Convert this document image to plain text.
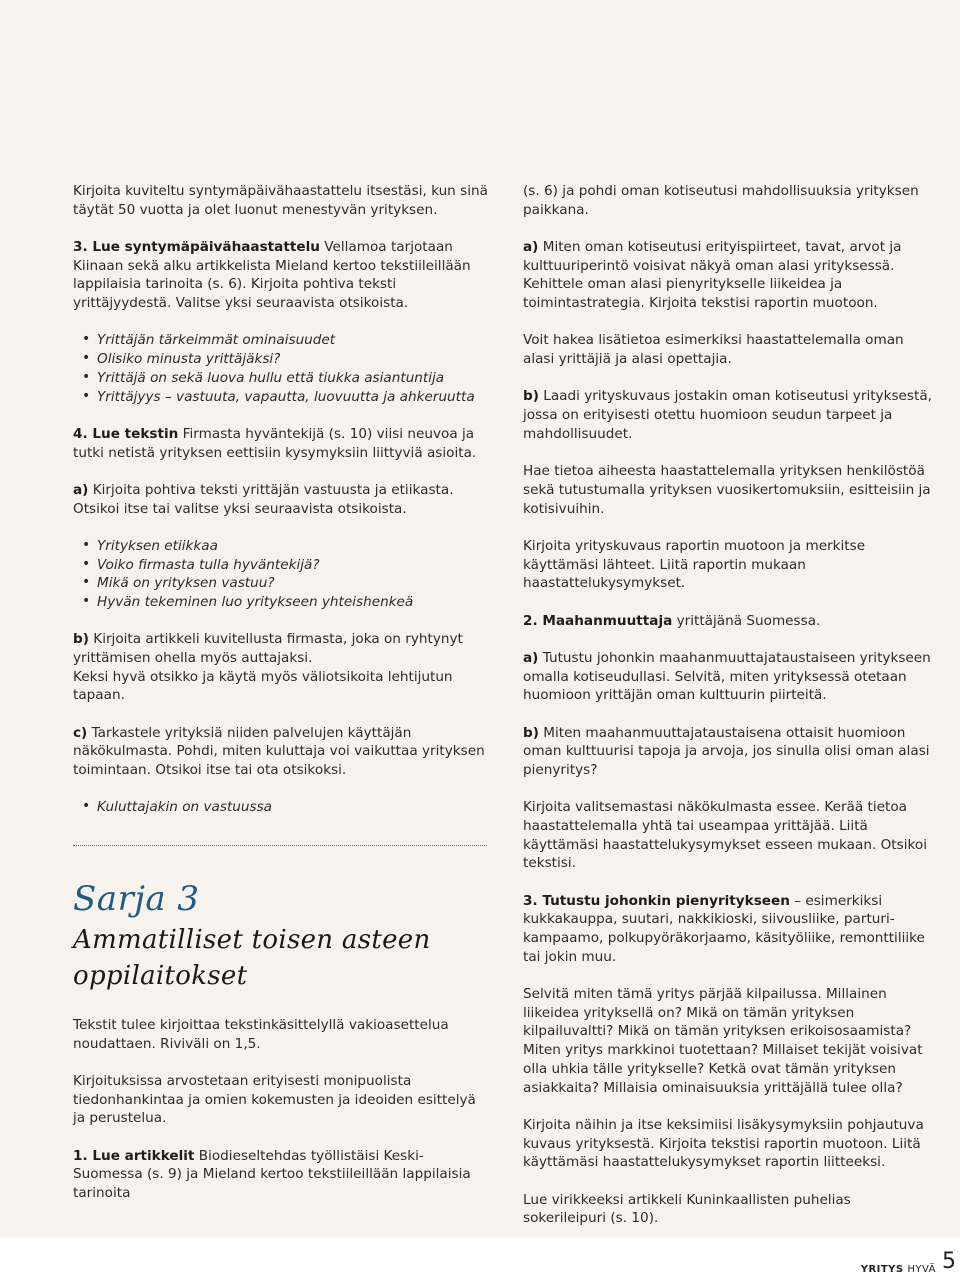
Kirjoita kuviteltu syntymäpäivähaastattelu itsestäsi, kun sinä täytät 50 vuotta ja olet luonut menestyvän yrityksen.

3. Lue syntymäpäivähaastattelu Vellamoa tarjotaan Kiinaan sekä alku artikkelista Mieland kertoo tekstiileillään lappilaisia tarinoita (s. 6). Kirjoita pohtiva teksti yrittäjyydestä. Valitse yksi seuraavista otsikoista.

• Yrittäjän tärkeimmät ominaisuudet
• Olisiko minusta yrittäjäksi?
• Yrittäjä on sekä luova hullu että tiukka asiantuntija
• Yrittäjyys – vastuuta, vapautta, luovuutta ja ahkeruutta

4. Lue tekstin Firmasta hyväntekijä (s. 10) viisi neuvoa ja tutki netistä yrityksen eettisiin kysymyksiin liittyviä asioita.

a) Kirjoita pohtiva teksti yrittäjän vastuusta ja etiikasta. Otsikoi itse tai valitse yksi seuraavista otsikoista.

• Yrityksen etiikkaa
• Voiko firmasta tulla hyväntekijä?
• Mikä on yrityksen vastuu?
• Hyvän tekeminen luo yritykseen yhteishenkeä

b) Kirjoita artikkeli kuvitellusta firmasta, joka on ryhtynyt yrittämisen ohella myös auttajaksi.
Keksi hyvä otsikko ja käytä myös väliotsikoita lehtijutun tapaan.

c) Tarkastele yrityksiä niiden palvelujen käyttäjän näkökulmasta. Pohdi, miten kuluttaja voi vaikuttaa yrityksen toimintaan. Otsikoi itse tai ota otsikoksi.

• Kuluttajakin on vastuussa
Sarja 3
Ammatilliset toisen asteen oppilaitokset

Tekstit tulee kirjoittaa tekstinkäsittelyllä vakioasettelua noudattaen. Riviväli on 1,5.

Kirjoituksissa arvostetaan erityisesti monipuolista tiedonhankintaa ja omien kokemusten ja ideoiden esittelyä ja perustelua.

1. Lue artikkelit Biodieseltehdas työllistäisi Keski-Suomessa (s. 9) ja Mieland kertoo tekstiileillään lappilaisia tarinoita

(s. 6) ja pohdi oman kotiseutusi mahdollisuuksia yrityksen paikkana.

a) Miten oman kotiseutusi erityispiirteet, tavat, arvot ja kulttuuriperintö voisivat näkyä oman alasi yrityksessä. Kehittele oman alasi pienyritykselle liikeidea ja toimintastrategia. Kirjoita tekstisi raportin muotoon.

Voit hakea lisätietoa esimerkiksi haastattelemalla oman alasi yrittäjiä ja alasi opettajia.

b) Laadi yrityskuvaus jostakin oman kotiseutusi yrityksestä, jossa on erityisesti otettu huomioon seudun tarpeet ja mahdollisuudet.

Hae tietoa aiheesta haastattelemalla yrityksen henkilöstöä sekä tutustumalla yrityksen vuosikertomuksiin, esitteisiin ja kotisivuihin.

Kirjoita yrityskuvaus raportin muotoon ja merkitse käyttämäsi lähteet. Liitä raportin mukaan haastattelukysymykset.

2. Maahanmuuttaja yrittäjänä Suomessa.

a) Tutustu johonkin maahanmuuttajataustaiseen yritykseen omalla kotiseudullasi. Selvitä, miten yrityksessä otetaan huomioon yrittäjän oman kulttuurin piirteitä.

b) Miten maahanmuuttajataustaisena ottaisit huomioon oman kulttuurisi tapoja ja arvoja, jos sinulla olisi oman alasi pienyritys?

Kirjoita valitsemastasi näkökulmasta essee. Kerää tietoa haastattelemalla yhtä tai useampaa yrittäjää. Liitä käyttämäsi haastattelukysymykset esseen mukaan. Otsikoi tekstisi.

3. Tutustu johonkin pienyritykseen – esimerkiksi kukkakauppa, suutari, nakkikioski, siivousliike, parturi-kampaamo, polkupyöräkorjaamo, käsityöliike, remonttiliike tai jokin muu.

Selvitä miten tämä yritys pärjää kilpailussa. Millainen liikeidea yrityksellä on? Mikä on tämän yrityksen kilpailuvaltti? Mikä on tämän yrityksen erikoisosaamista? Miten yritys markkinoi tuotettaan? Millaiset tekijät voisivat olla uhkia tälle yritykselle? Ketkä ovat tämän yrityksen asiakkaita? Millaisia ominaisuuksia yrittäjällä tulee olla?

Kirjoita näihin ja itse keksimiisi lisäkysymyksiin pohjautuva kuvaus yrityksestä. Kirjoita tekstisi raportin muotoon. Liitä käyttämäsi haastattelukysymykset raportin liitteeksi.

Lue virikkeeksi artikkeli Kuninkaallisten puhelias sokerileipuri (s. 10).

YRITYS HYVÄ 5
